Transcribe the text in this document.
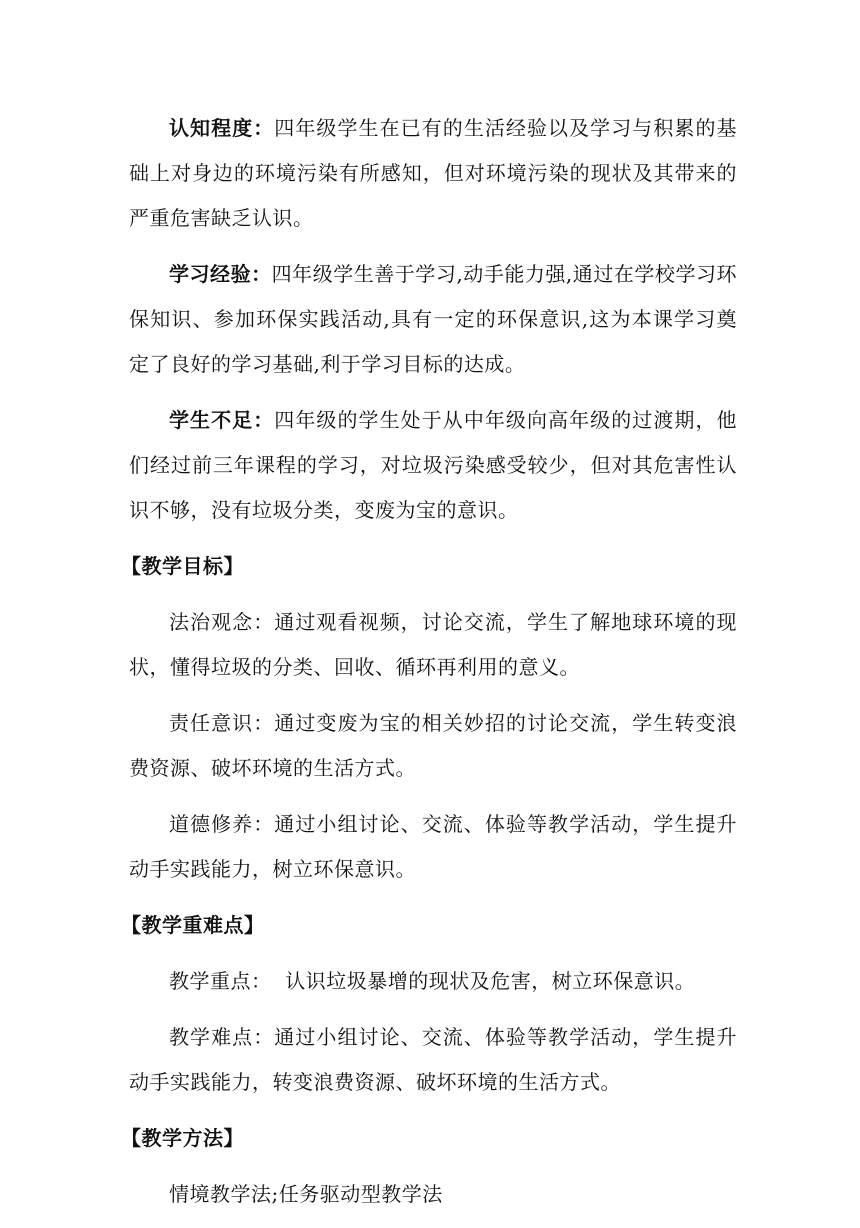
认知程度：四年级学生在已有的生活经验以及学习与积累的基础上对身边的环境污染有所感知，但对环境污染的现状及其带来的严重危害缺乏认识。

学习经验：四年级学生善于学习,动手能力强,通过在学校学习环保知识、参加环保实践活动,具有一定的环保意识,这为本课学习奠定了良好的学习基础,利于学习目标的达成。

学生不足：四年级的学生处于从中年级向高年级的过渡期，他们经过前三年课程的学习，对垃圾污染感受较少，但对其危害性认识不够，没有垃圾分类，变废为宝的意识。

【教学目标】

法治观念：通过观看视频，讨论交流，学生了解地球环境的现状，懂得垃圾的分类、回收、循环再利用的意义。

责任意识：通过变废为宝的相关妙招的讨论交流，学生转变浪费资源、破坏环境的生活方式。

道德修养：通过小组讨论、交流、体验等教学活动，学生提升动手实践能力，树立环保意识。

【教学重难点】

教学重点：  认识垃圾暴增的现状及危害，树立环保意识。

教学难点：通过小组讨论、交流、体验等教学活动，学生提升动手实践能力，转变浪费资源、破坏环境的生活方式。

【教学方法】

情境教学法;任务驱动型教学法
